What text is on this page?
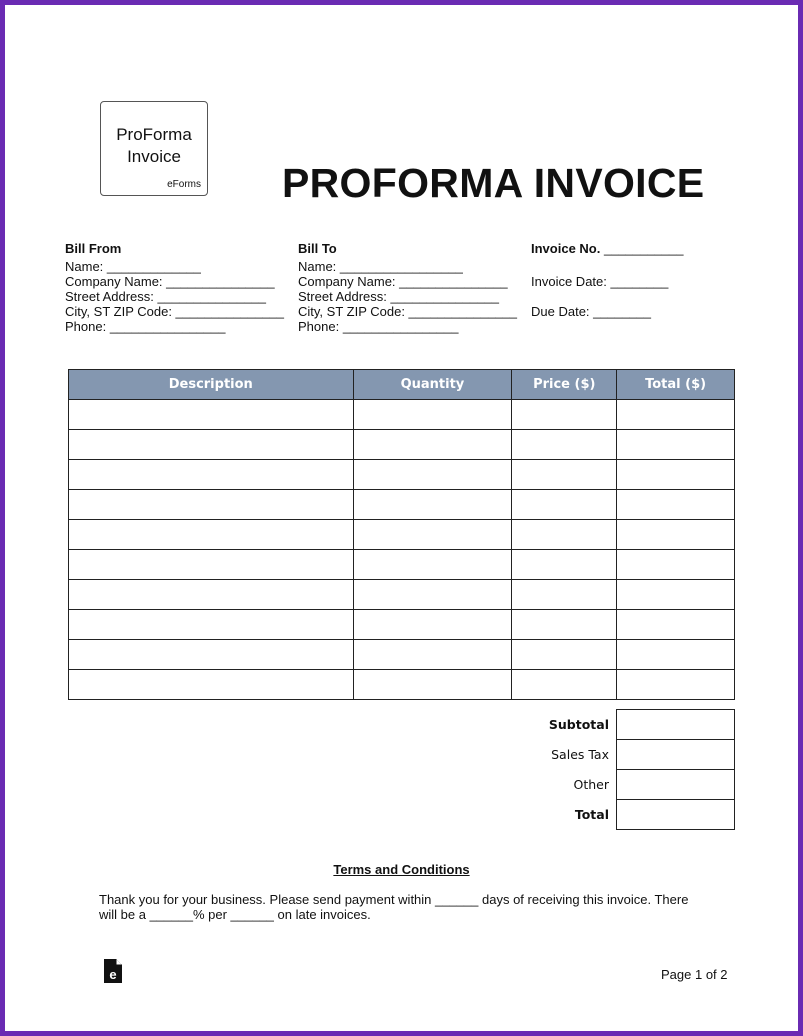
ProForma
Invoice
eForms PROFORMA INVOICE
Bill From
Name: _____________
Company Name: _______________
Street Address: _______________
City, ST ZIP Code: _______________
Phone: ________________
Bill To
Name: _________________
Company Name: _______________
Street Address: _______________
City, ST ZIP Code: _______________
Phone: ________________
Invoice No. ___________
Invoice Date: ________
Due Date: ________
Description	Quantity	Price ($)	Total ($)

Subtotal	
Sales Tax	
Other	
Total	
Terms and Conditions
Thank you for your business. Please send payment within ______ days of receiving this invoice. There will be a ______% per ______ on late invoices.
e	Page 1 of 2
